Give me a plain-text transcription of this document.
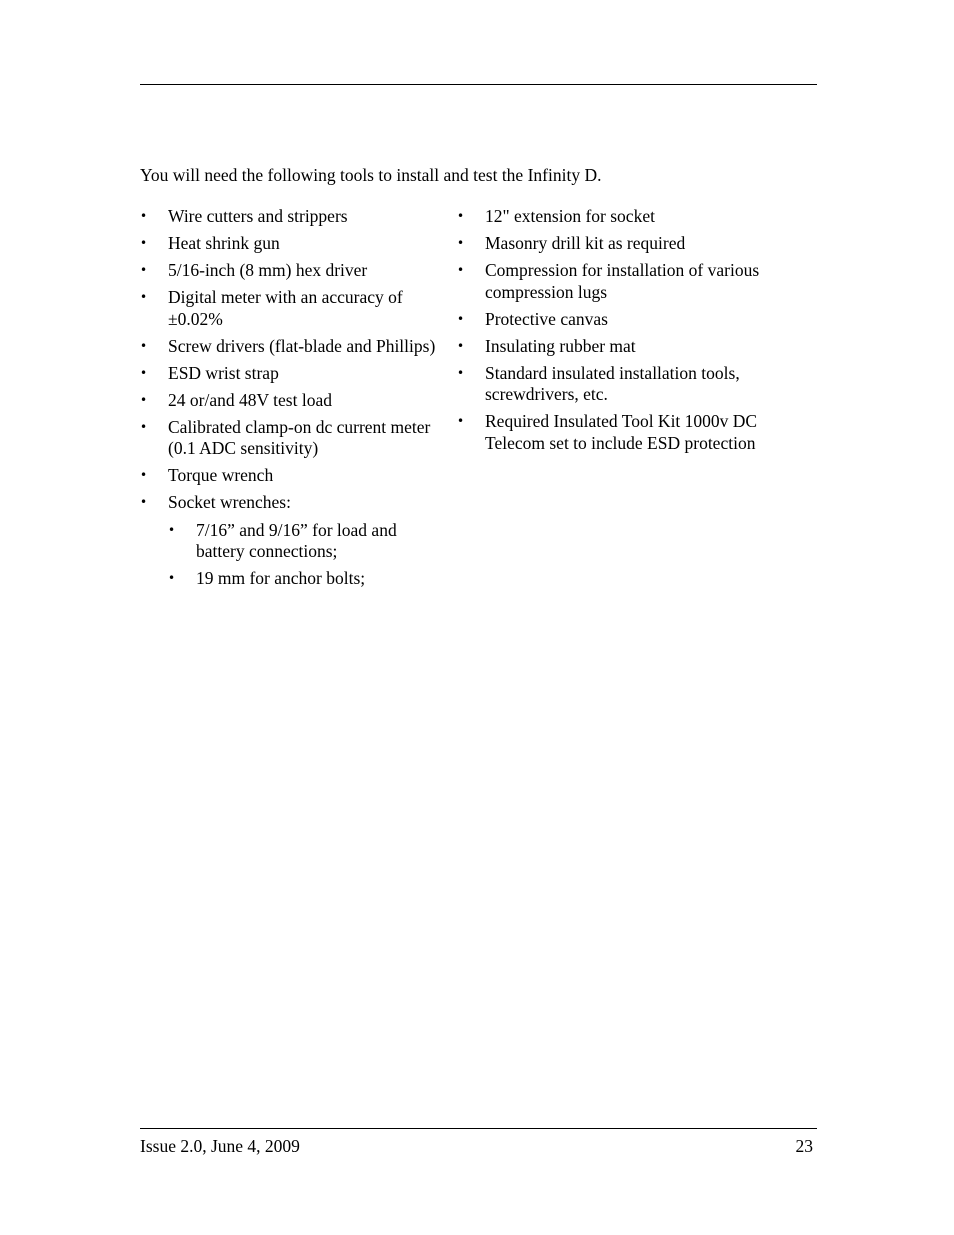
You will need the following tools to install and test the Infinity D.

• Wire cutters and strippers
• Heat shrink gun
• 5/16-inch (8 mm) hex driver
• Digital meter with an accuracy of ±0.02%
• Screw drivers (flat-blade and Phillips)
• ESD wrist strap
• 24 or/and 48V test load
• Calibrated clamp-on dc current meter (0.1 ADC sensitivity)
• Torque wrench
• Socket wrenches:
• 7/16” and 9/16” for load and battery connections;
• 19 mm for anchor bolts;
• 12" extension for socket
• Masonry drill kit as required
• Compression for installation of various compression lugs
• Protective canvas
• Insulating rubber mat
• Standard insulated installation tools, screwdrivers, etc.
• Required Insulated Tool Kit 1000v DC Telecom set to include ESD protection
Issue 2.0, June 4, 2009	23
